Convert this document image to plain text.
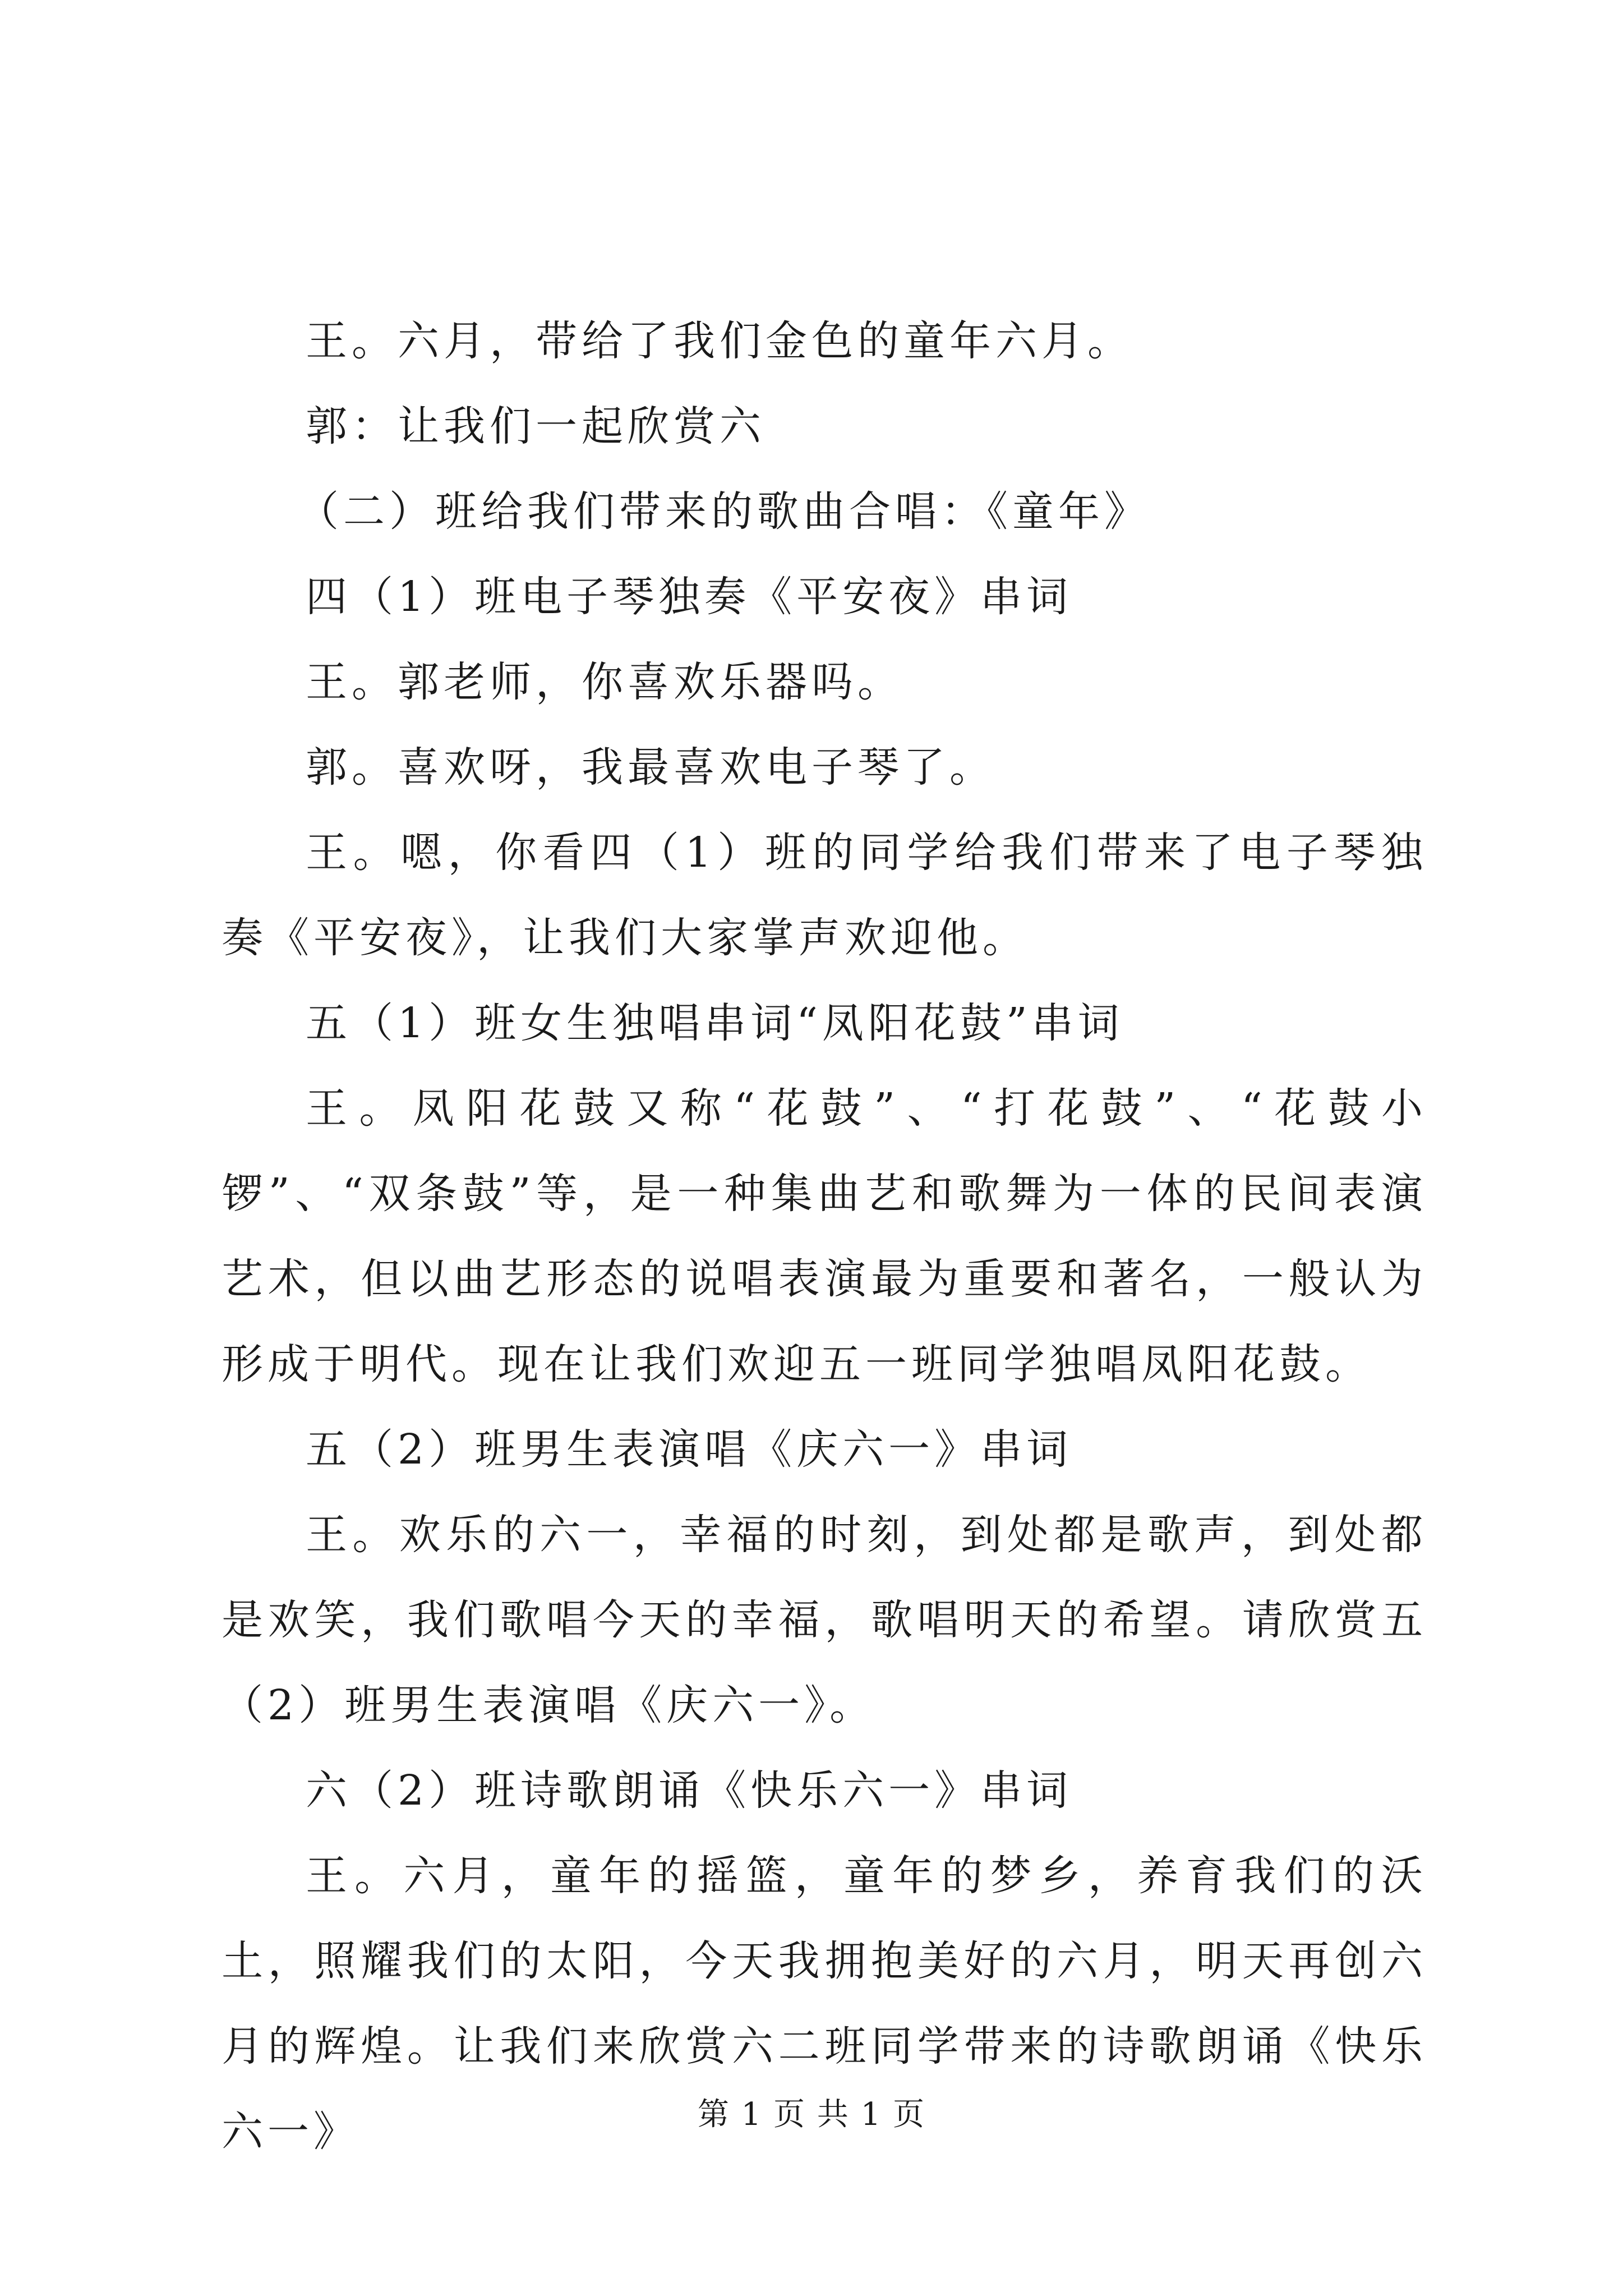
王。六月，带给了我们金色的童年六月。

郭：让我们一起欣赏六

（二）班给我们带来的歌曲合唱：《童年》

四（1）班电子琴独奏《平安夜》串词

王。郭老师，你喜欢乐器吗。

郭。喜欢呀，我最喜欢电子琴了。

王。嗯，你看四（1）班的同学给我们带来了电子琴独奏《平安夜》，让我们大家掌声欢迎他。

五（1）班女生独唱串词“凤阳花鼓”串词

王。凤阳花鼓又称“花鼓”、“打花鼓”、“花鼓小锣”、“双条鼓”等，是一种集曲艺和歌舞为一体的民间表演艺术，但以曲艺形态的说唱表演最为重要和著名，一般认为形成于明代。现在让我们欢迎五一班同学独唱凤阳花鼓。

五（2）班男生表演唱《庆六一》串词

王。欢乐的六一，幸福的时刻，到处都是歌声，到处都是欢笑，我们歌唱今天的幸福，歌唱明天的希望。请欣赏五（2）班男生表演唱《庆六一》。

六（2）班诗歌朗诵《快乐六一》串词

王。六月，童年的摇篮，童年的梦乡，养育我们的沃土，照耀我们的太阳，今天我拥抱美好的六月，明天再创六月的辉煌。让我们来欣赏六二班同学带来的诗歌朗诵《快乐六一》	第 1 页 共 1 页
